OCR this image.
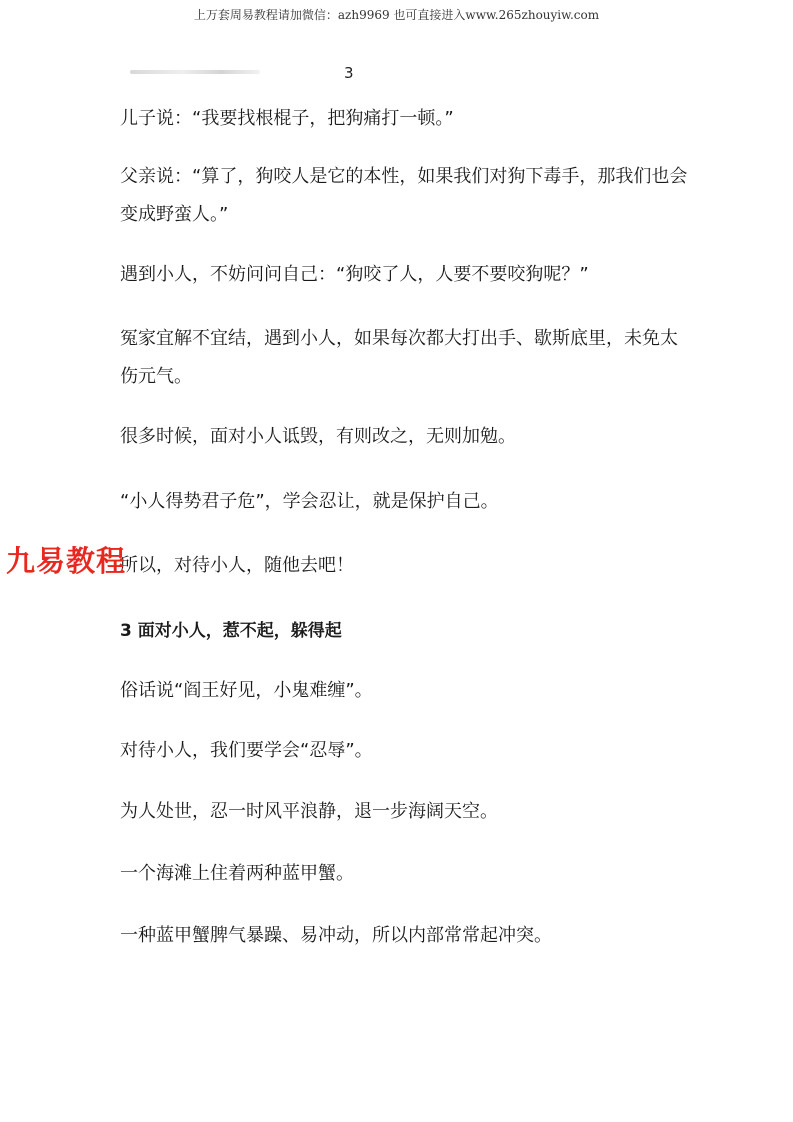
上万套周易教程请加微信：azh9969 也可直接进入www.265zhouyiw.com
3

儿子说：“我要找根棍子，把狗痛打一顿。”

父亲说：“算了，狗咬人是它的本性，如果我们对狗下毒手，那我们也会变成野蛮人。”

遇到小人，不妨问问自己：“狗咬了人，人要不要咬狗呢？”

冤家宜解不宜结，遇到小人，如果每次都大打出手、歇斯底里，未免太伤元气。

很多时候，面对小人诋毁，有则改之，无则加勉。

“小人得势君子危”，学会忍让，就是保护自己。

所以，对待小人，随他去吧！

3 面对小人，惹不起，躲得起

俗话说“阎王好见，小鬼难缠”。

对待小人，我们要学会“忍辱”。

为人处世，忍一时风平浪静，退一步海阔天空。

一个海滩上住着两种蓝甲蟹。

一种蓝甲蟹脾气暴躁、易冲动，所以内部常常起冲突。

九易教程
